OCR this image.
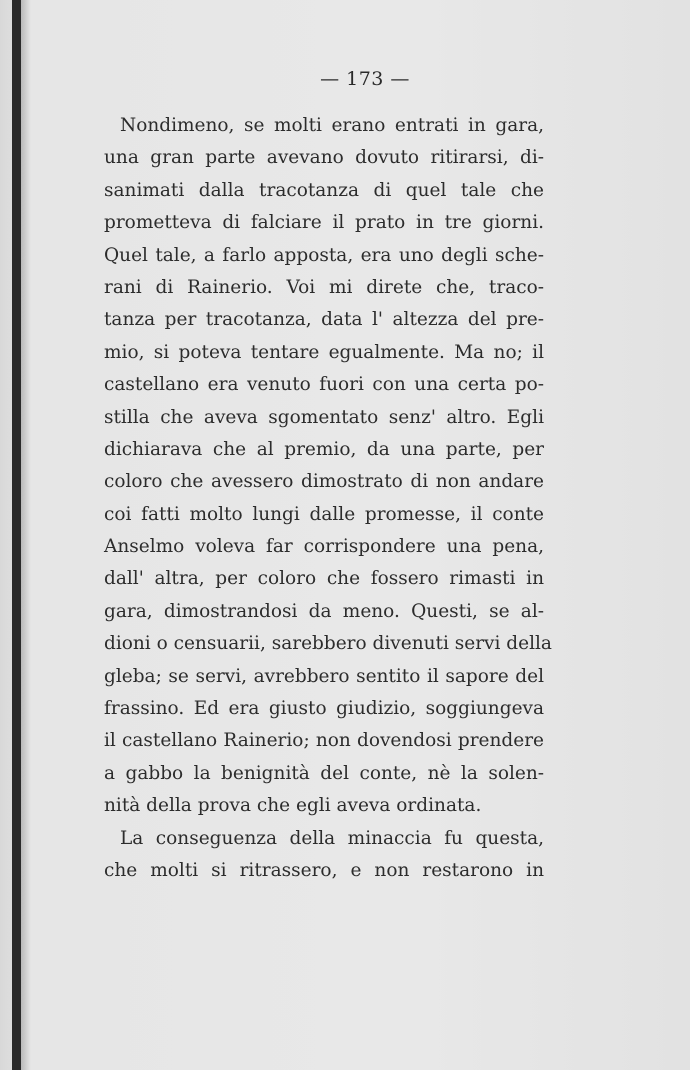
— 173 —
Nondimeno, se molti erano entrati in gara,
una gran parte avevano dovuto ritirarsi, di-
sanimati dalla tracotanza di quel tale che
prometteva di falciare il prato in tre giorni.
Quel tale, a farlo apposta, era uno degli sche-
rani di Rainerio. Voi mi direte che, traco-
tanza per tracotanza, data l' altezza del pre-
mio, si poteva tentare egualmente. Ma no; il
castellano era venuto fuori con una certa po-
stilla che aveva sgomentato senz' altro. Egli
dichiarava che al premio, da una parte, per
coloro che avessero dimostrato di non andare
coi fatti molto lungi dalle promesse, il conte
Anselmo voleva far corrispondere una pena,
dall' altra, per coloro che fossero rimasti in
gara, dimostrandosi da meno. Questi, se al-
dioni o censuarii, sarebbero divenuti servi della
gleba; se servi, avrebbero sentito il sapore del
frassino. Ed era giusto giudizio, soggiungeva
il castellano Rainerio; non dovendosi prendere
a gabbo la benignità del conte, nè la solen-
nità della prova che egli aveva ordinata.
La conseguenza della minaccia fu questa,
che molti si ritrassero, e non restarono in
